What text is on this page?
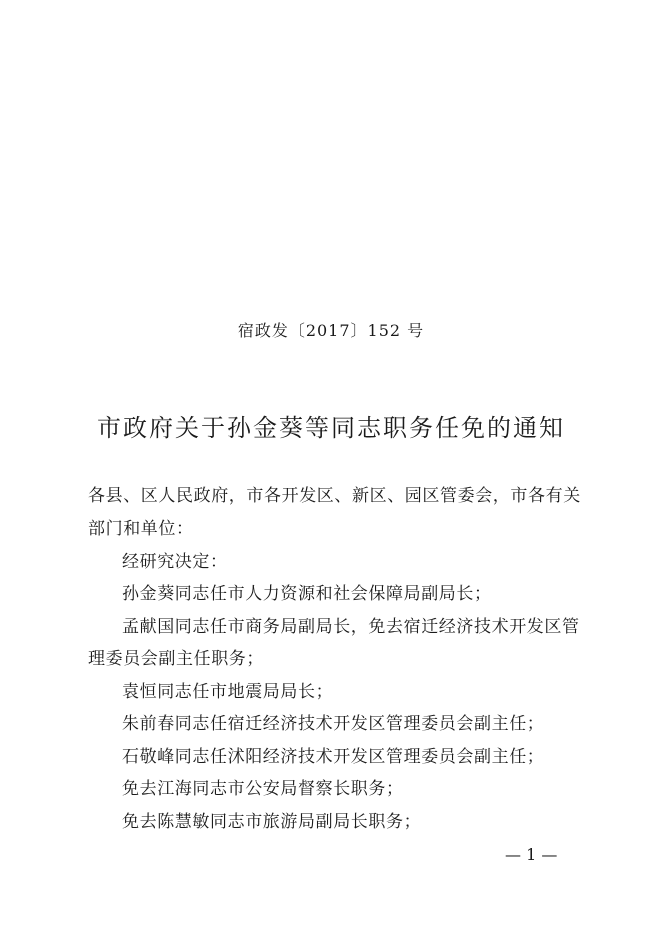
宿政发〔2017〕152 号
市政府关于孙金葵等同志职务任免的通知
各县、区人民政府，市各开发区、新区、园区管委会，市各有关
部门和单位：
经研究决定：
孙金葵同志任市人力资源和社会保障局副局长；
孟献国同志任市商务局副局长，免去宿迁经济技术开发区管
理委员会副主任职务；
袁恒同志任市地震局局长；
朱前春同志任宿迁经济技术开发区管理委员会副主任；
石敬峰同志任沭阳经济技术开发区管理委员会副主任；
免去江海同志市公安局督察长职务；
免去陈慧敏同志市旅游局副局长职务；
— 1 —
